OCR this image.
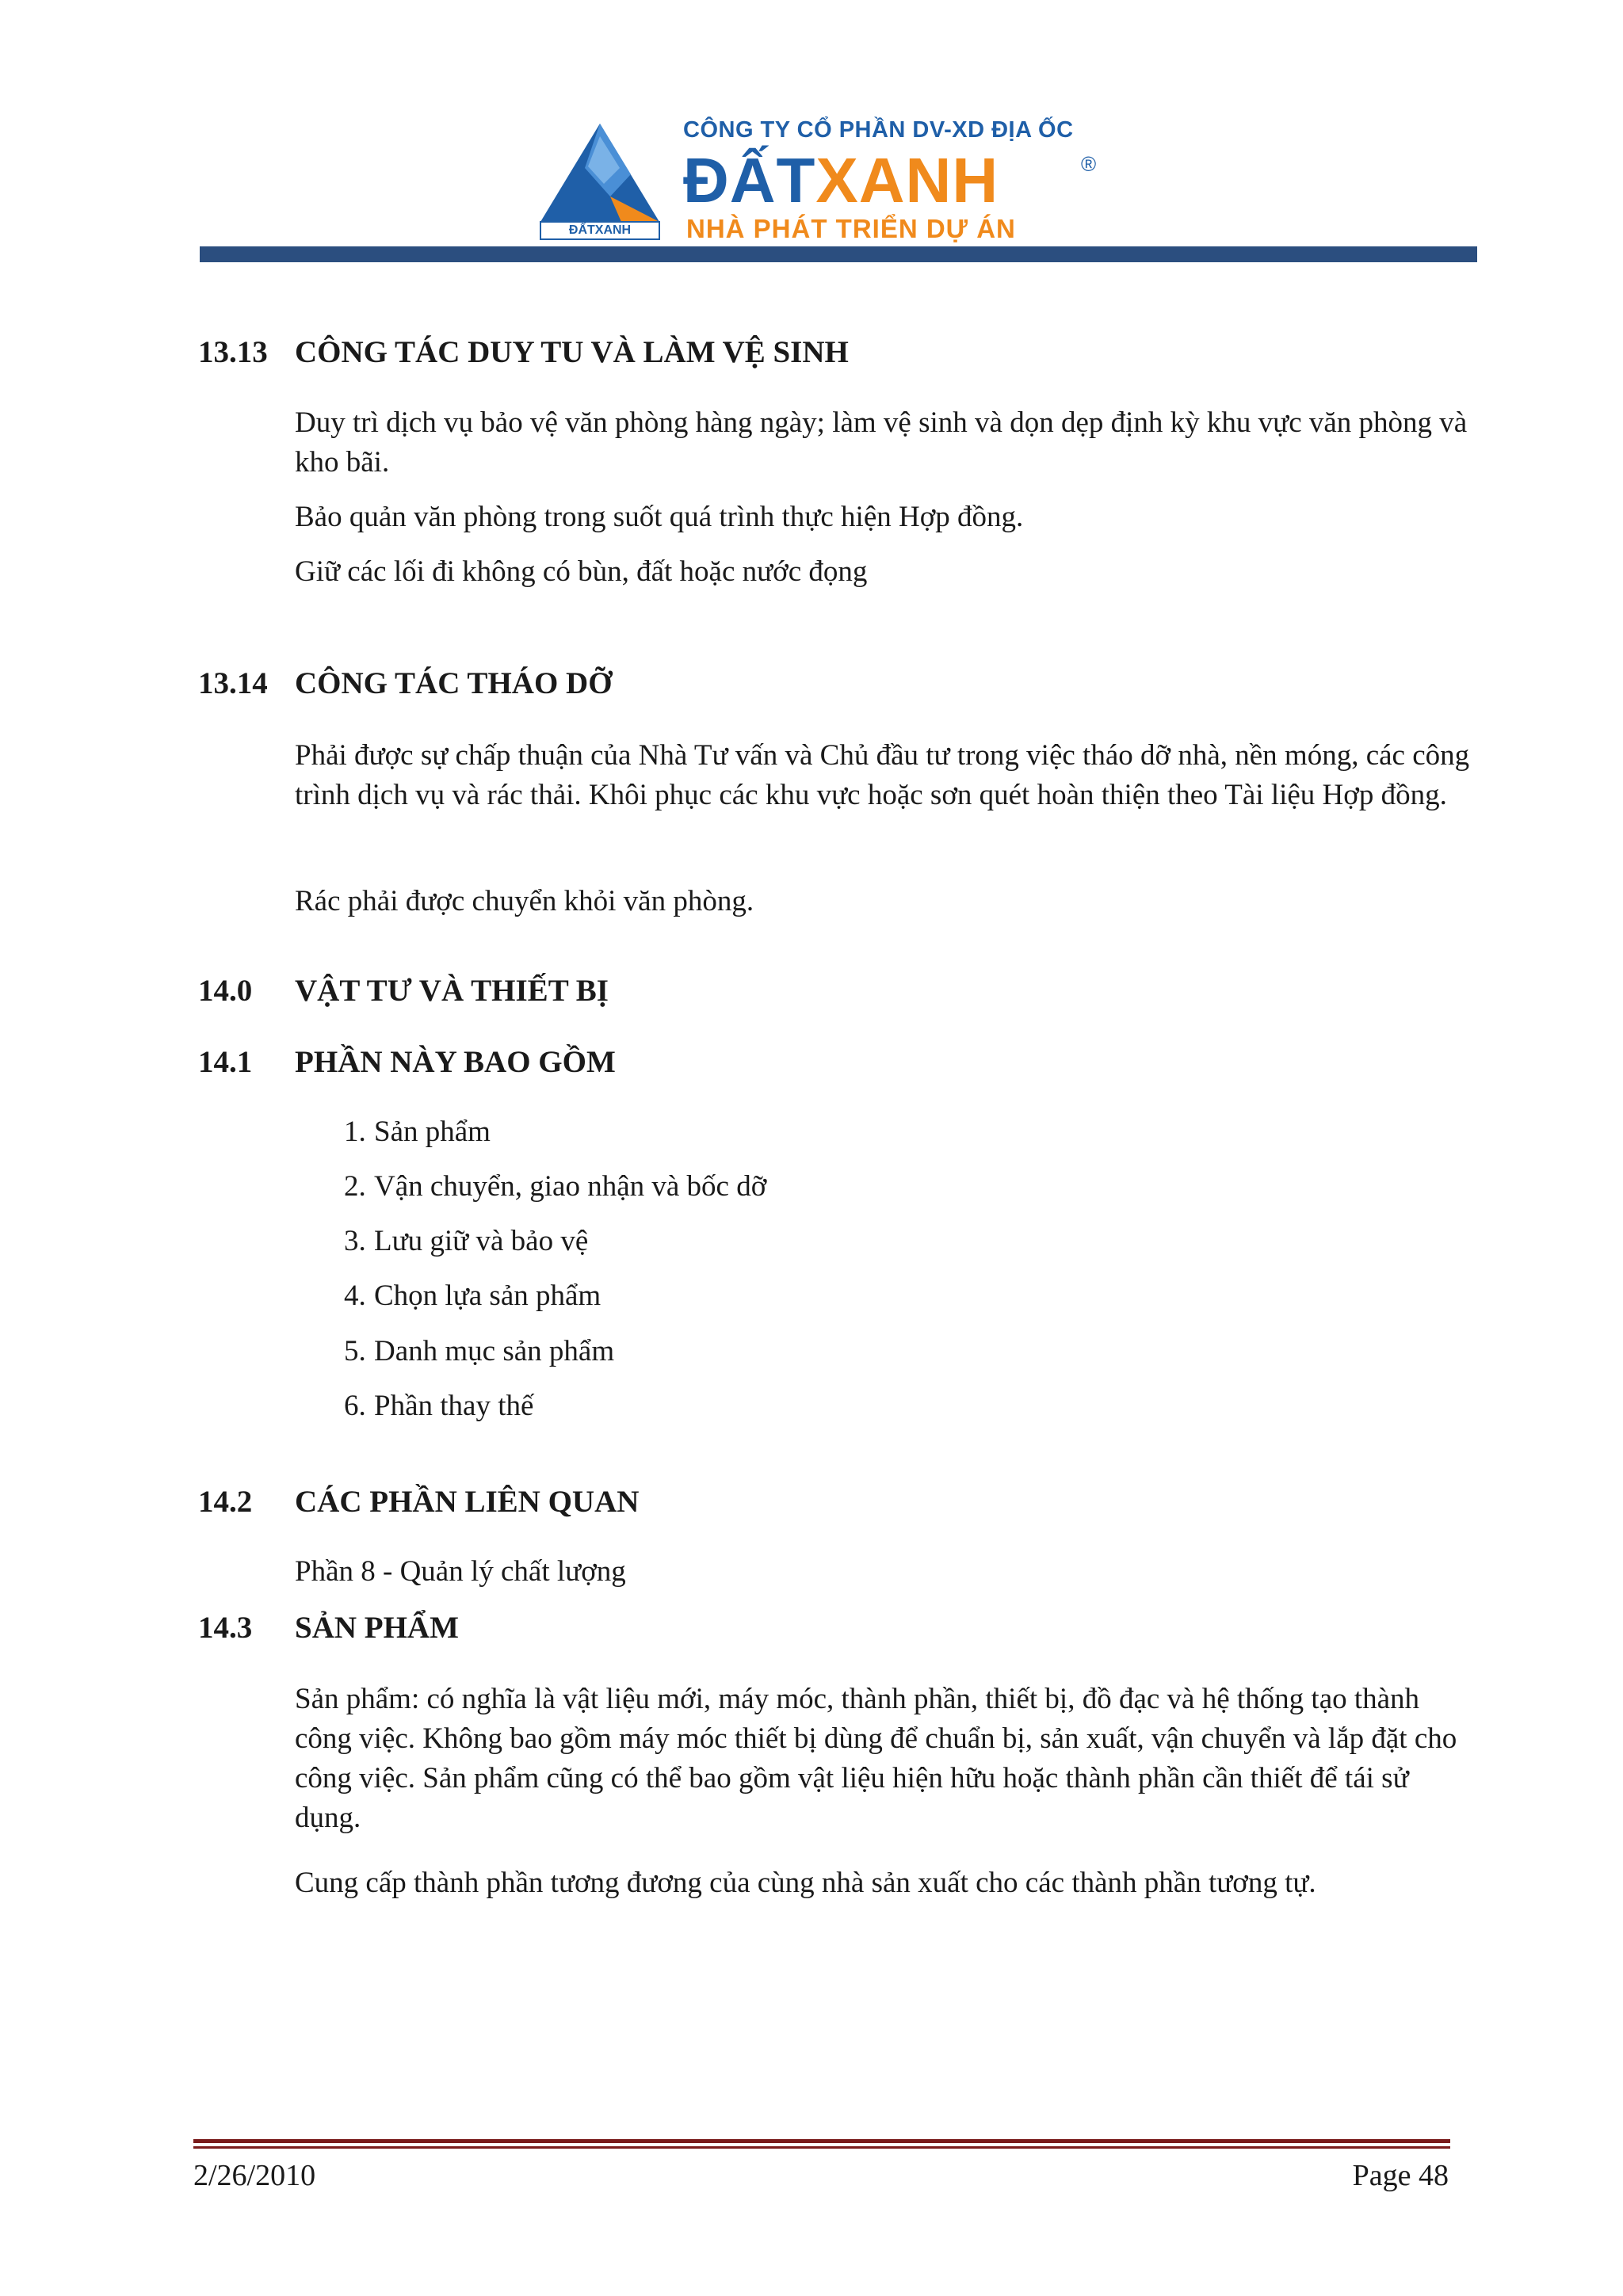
ĐẤTXANH
CÔNG TY CỔ PHẦN DV-XD ĐỊA ỐC
ĐẤTXANH	®
NHÀ PHÁT TRIỂN DỰ ÁN
13.13 CÔNG TÁC DUY TU VÀ LÀM VỆ SINH

Duy trì dịch vụ bảo vệ văn phòng hàng ngày; làm vệ sinh và dọn dẹp định kỳ khu vực văn phòng và kho bãi.

Bảo quản văn phòng trong suốt quá trình thực hiện Hợp đồng.

Giữ các lối đi không có bùn, đất hoặc nước đọng

13.14 CÔNG TÁC THÁO DỠ

Phải được sự chấp thuận của Nhà Tư vấn và Chủ đầu tư trong việc tháo dỡ nhà, nền móng, các công trình dịch vụ và rác thải. Khôi phục các khu vực hoặc sơn quét hoàn thiện theo Tài liệu Hợp đồng.

Rác phải được chuyển khỏi văn phòng.

14.0 VẬT TƯ VÀ THIẾT BỊ
14.1 PHẦN NÀY BAO GỒM
1. Sản phẩm
2. Vận chuyển, giao nhận và bốc dỡ
3. Lưu giữ và bảo vệ
4. Chọn lựa sản phẩm
5. Danh mục sản phẩm
6. Phần thay thế
14.2 CÁC PHẦN LIÊN QUAN

Phần 8 - Quản lý chất lượng

14.3 SẢN PHẨM

Sản phẩm: có nghĩa là vật liệu mới, máy móc, thành phần, thiết bị, đồ đạc và hệ thống tạo thành công việc. Không bao gồm máy móc thiết bị dùng để chuẩn bị, sản xuất, vận chuyển và lắp đặt cho công việc. Sản phẩm cũng có thể bao gồm vật liệu hiện hữu hoặc thành phần cần thiết để tái sử dụng.

Cung cấp thành phần tương đương của cùng nhà sản xuất cho các thành phần tương tự.

2/26/2010	Page 48
